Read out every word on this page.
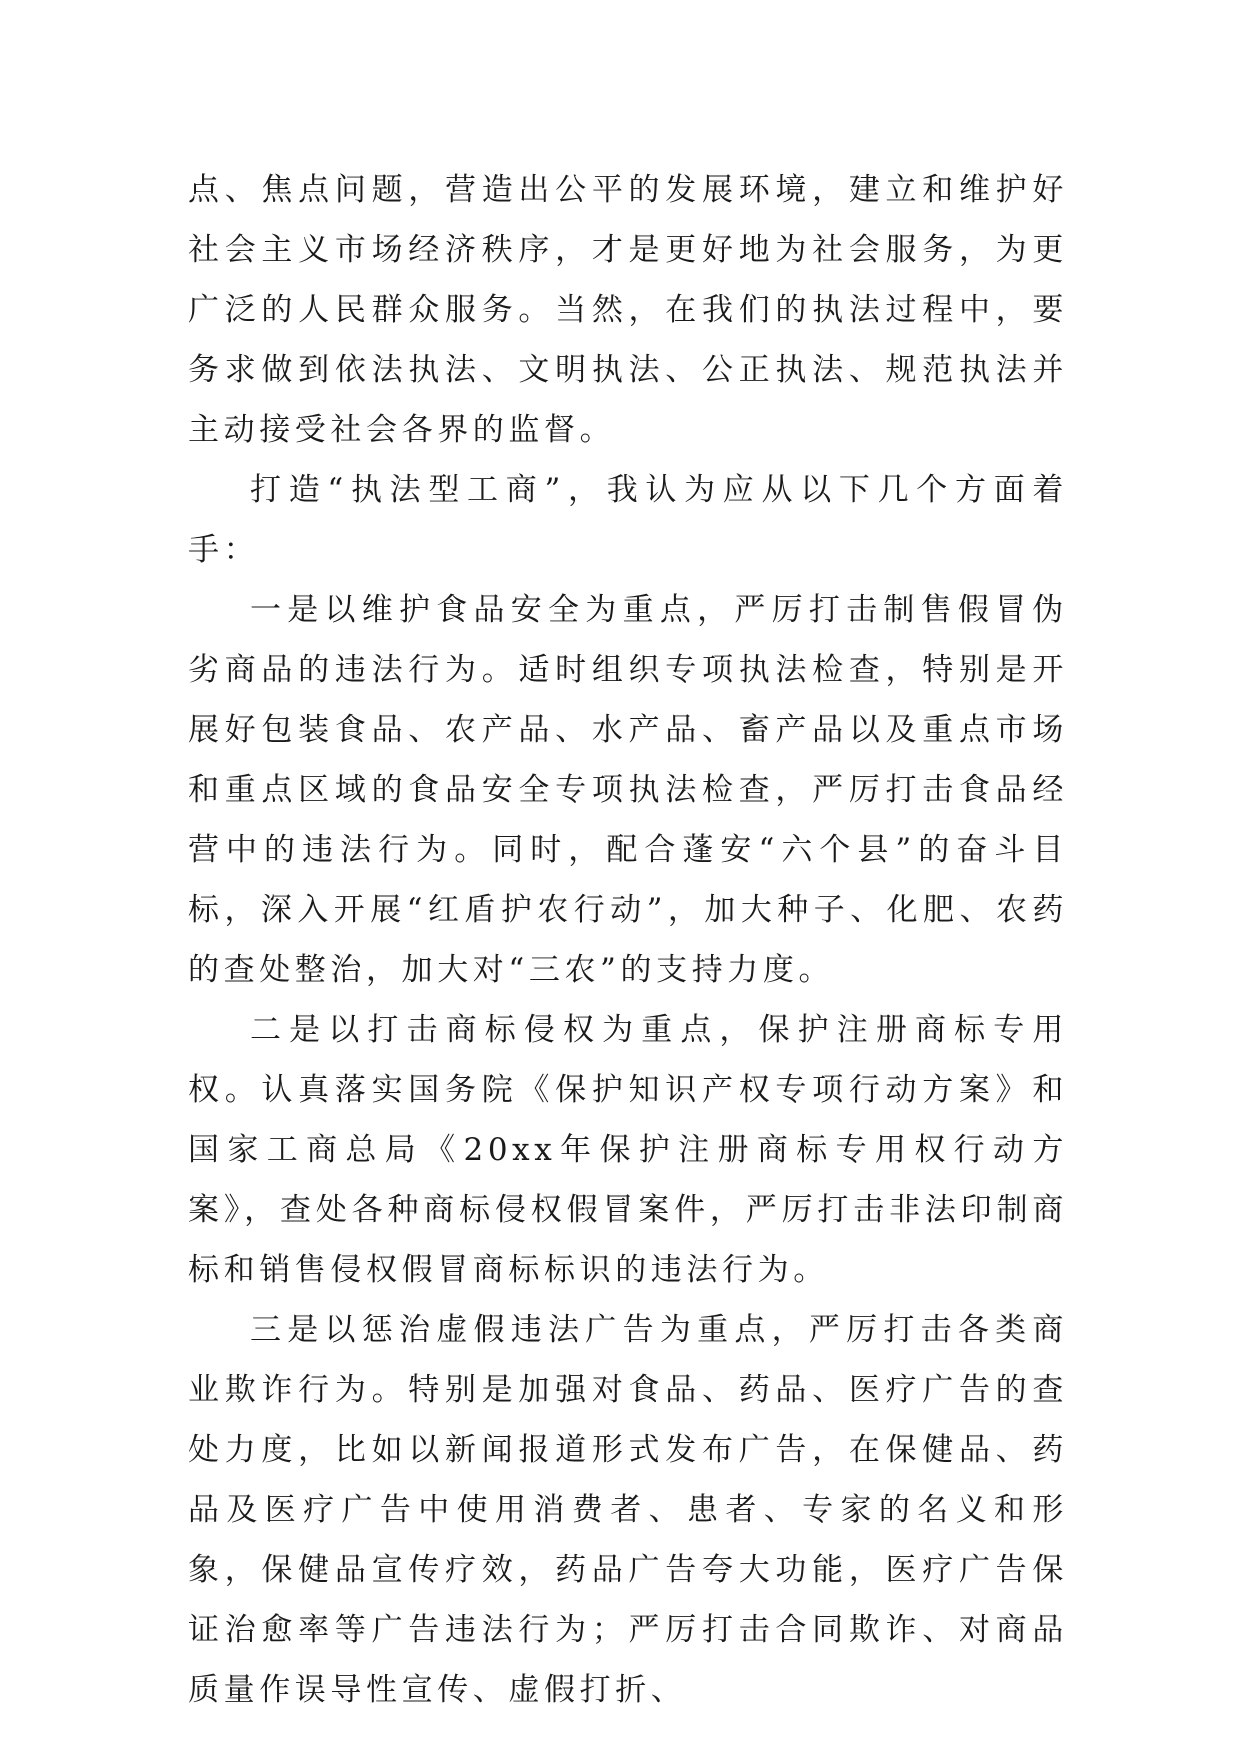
点、焦点问题，营造出公平的发展环境，建立和维护好社会主义市场经济秩序，才是更好地为社会服务，为更广泛的人民群众服务。当然，在我们的执法过程中，要务求做到依法执法、文明执法、公正执法、规范执法并主动接受社会各界的监督。

打造“执法型工商”，我认为应从以下几个方面着手：

一是以维护食品安全为重点，严厉打击制售假冒伪劣商品的违法行为。适时组织专项执法检查，特别是开展好包装食品、农产品、水产品、畜产品以及重点市场和重点区域的食品安全专项执法检查，严厉打击食品经营中的违法行为。同时，配合蓬安“六个县”的奋斗目标，深入开展“红盾护农行动”，加大种子、化肥、农药的查处整治，加大对“三农”的支持力度。

二是以打击商标侵权为重点，保护注册商标专用权。认真落实国务院《保护知识产权专项行动方案》和国家工商总局《20xx年保护注册商标专用权行动方案》，查处各种商标侵权假冒案件，严厉打击非法印制商标和销售侵权假冒商标标识的违法行为。

三是以惩治虚假违法广告为重点，严厉打击各类商业欺诈行为。特别是加强对食品、药品、医疗广告的查处力度，比如以新闻报道形式发布广告，在保健品、药品及医疗广告中使用消费者、患者、专家的名义和形象，保健品宣传疗效，药品广告夸大功能，医疗广告保证治愈率等广告违法行为；严厉打击合同欺诈、对商品质量作误导性宣传、虚假打折、
